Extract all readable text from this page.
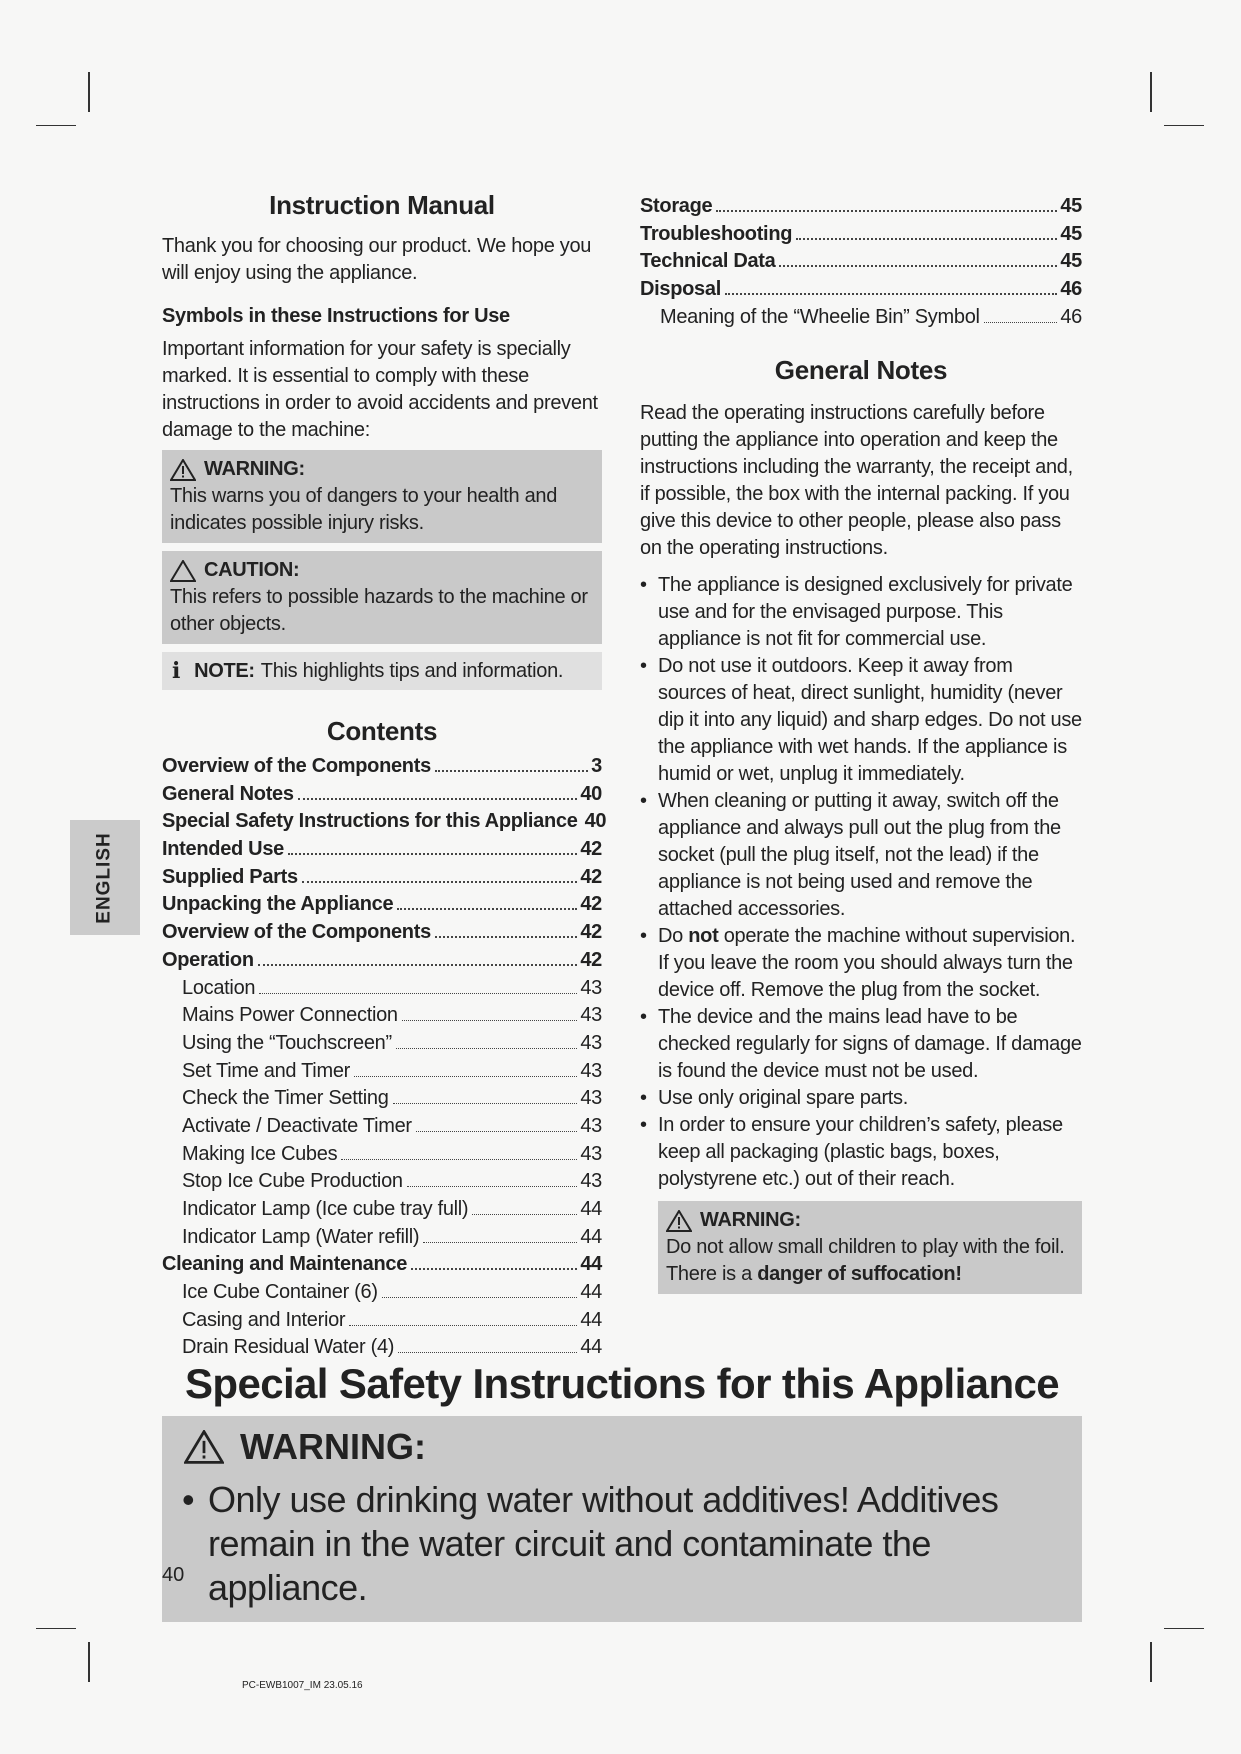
Instruction Manual

Thank you for choosing our product. We hope you will enjoy using the appliance.

Symbols in these Instructions for Use

Important information for your safety is specially marked. It is essential to comply with these instructions in order to avoid accidents and prevent damage to the machine:

WARNING:
This warns you of dangers to your health and indicates possible injury risks.
CAUTION:
This refers to possible hazards to the machine or other objects.
i NOTE: This highlights tips and information.
Contents
Overview of the Components	3
General Notes	40
Special Safety Instructions for this Appliance 40
Intended Use	42
Supplied Parts	42
Unpacking the Appliance	42
Overview of the Components	42
Operation	42
Location	43
Mains Power Connection	43
Using the “Touchscreen”	43
Set Time and Timer	43
Check the Timer Setting	43
Activate / Deactivate Timer	43
Making Ice Cubes	43
Stop Ice Cube Production	43
Indicator Lamp (Ice cube tray full)	44
Indicator Lamp (Water refill)	44
Cleaning and Maintenance	44
Ice Cube Container (6)	44
Casing and Interior	44
Drain Residual Water (4)	44
Storage	45
Troubleshooting	45
Technical Data	45
Disposal	46
Meaning of the “Wheelie Bin” Symbol	46
General Notes

Read the operating instructions carefully before putting the appliance into operation and keep the instructions including the warranty, the receipt and, if possible, the box with the internal packing. If you give this device to other people, please also pass on the operating instructions.

• The appliance is designed exclusively for private use and for the envisaged purpose. This appliance is not fit for commercial use.
• Do not use it outdoors. Keep it away from sources of heat, direct sunlight, humidity (never dip it into any liquid) and sharp edges. Do not use the appliance with wet hands. If the appliance is humid or wet, unplug it immediately.
• When cleaning or putting it away, switch off the appliance and always pull out the plug from the socket (pull the plug itself, not the lead) if the appliance is not being used and remove the attached accessories.
• Do not operate the machine without supervision. If you leave the room you should always turn the device off. Remove the plug from the socket.
• The device and the mains lead have to be checked regularly for signs of damage. If damage is found the device must not be used.
• Use only original spare parts.
• In order to ensure your children’s safety, please keep all packaging (plastic bags, boxes, polystyrene etc.) out of their reach.
WARNING:
Do not allow small children to play with the foil.
There is a danger of suffocation!
Special Safety Instructions for this Appliance
WARNING:
• Only use drinking water without additives! Additives remain in the water circuit and contaminate the appliance.
ENGLISH
40
PC-EWB1007_IM 23.05.16
